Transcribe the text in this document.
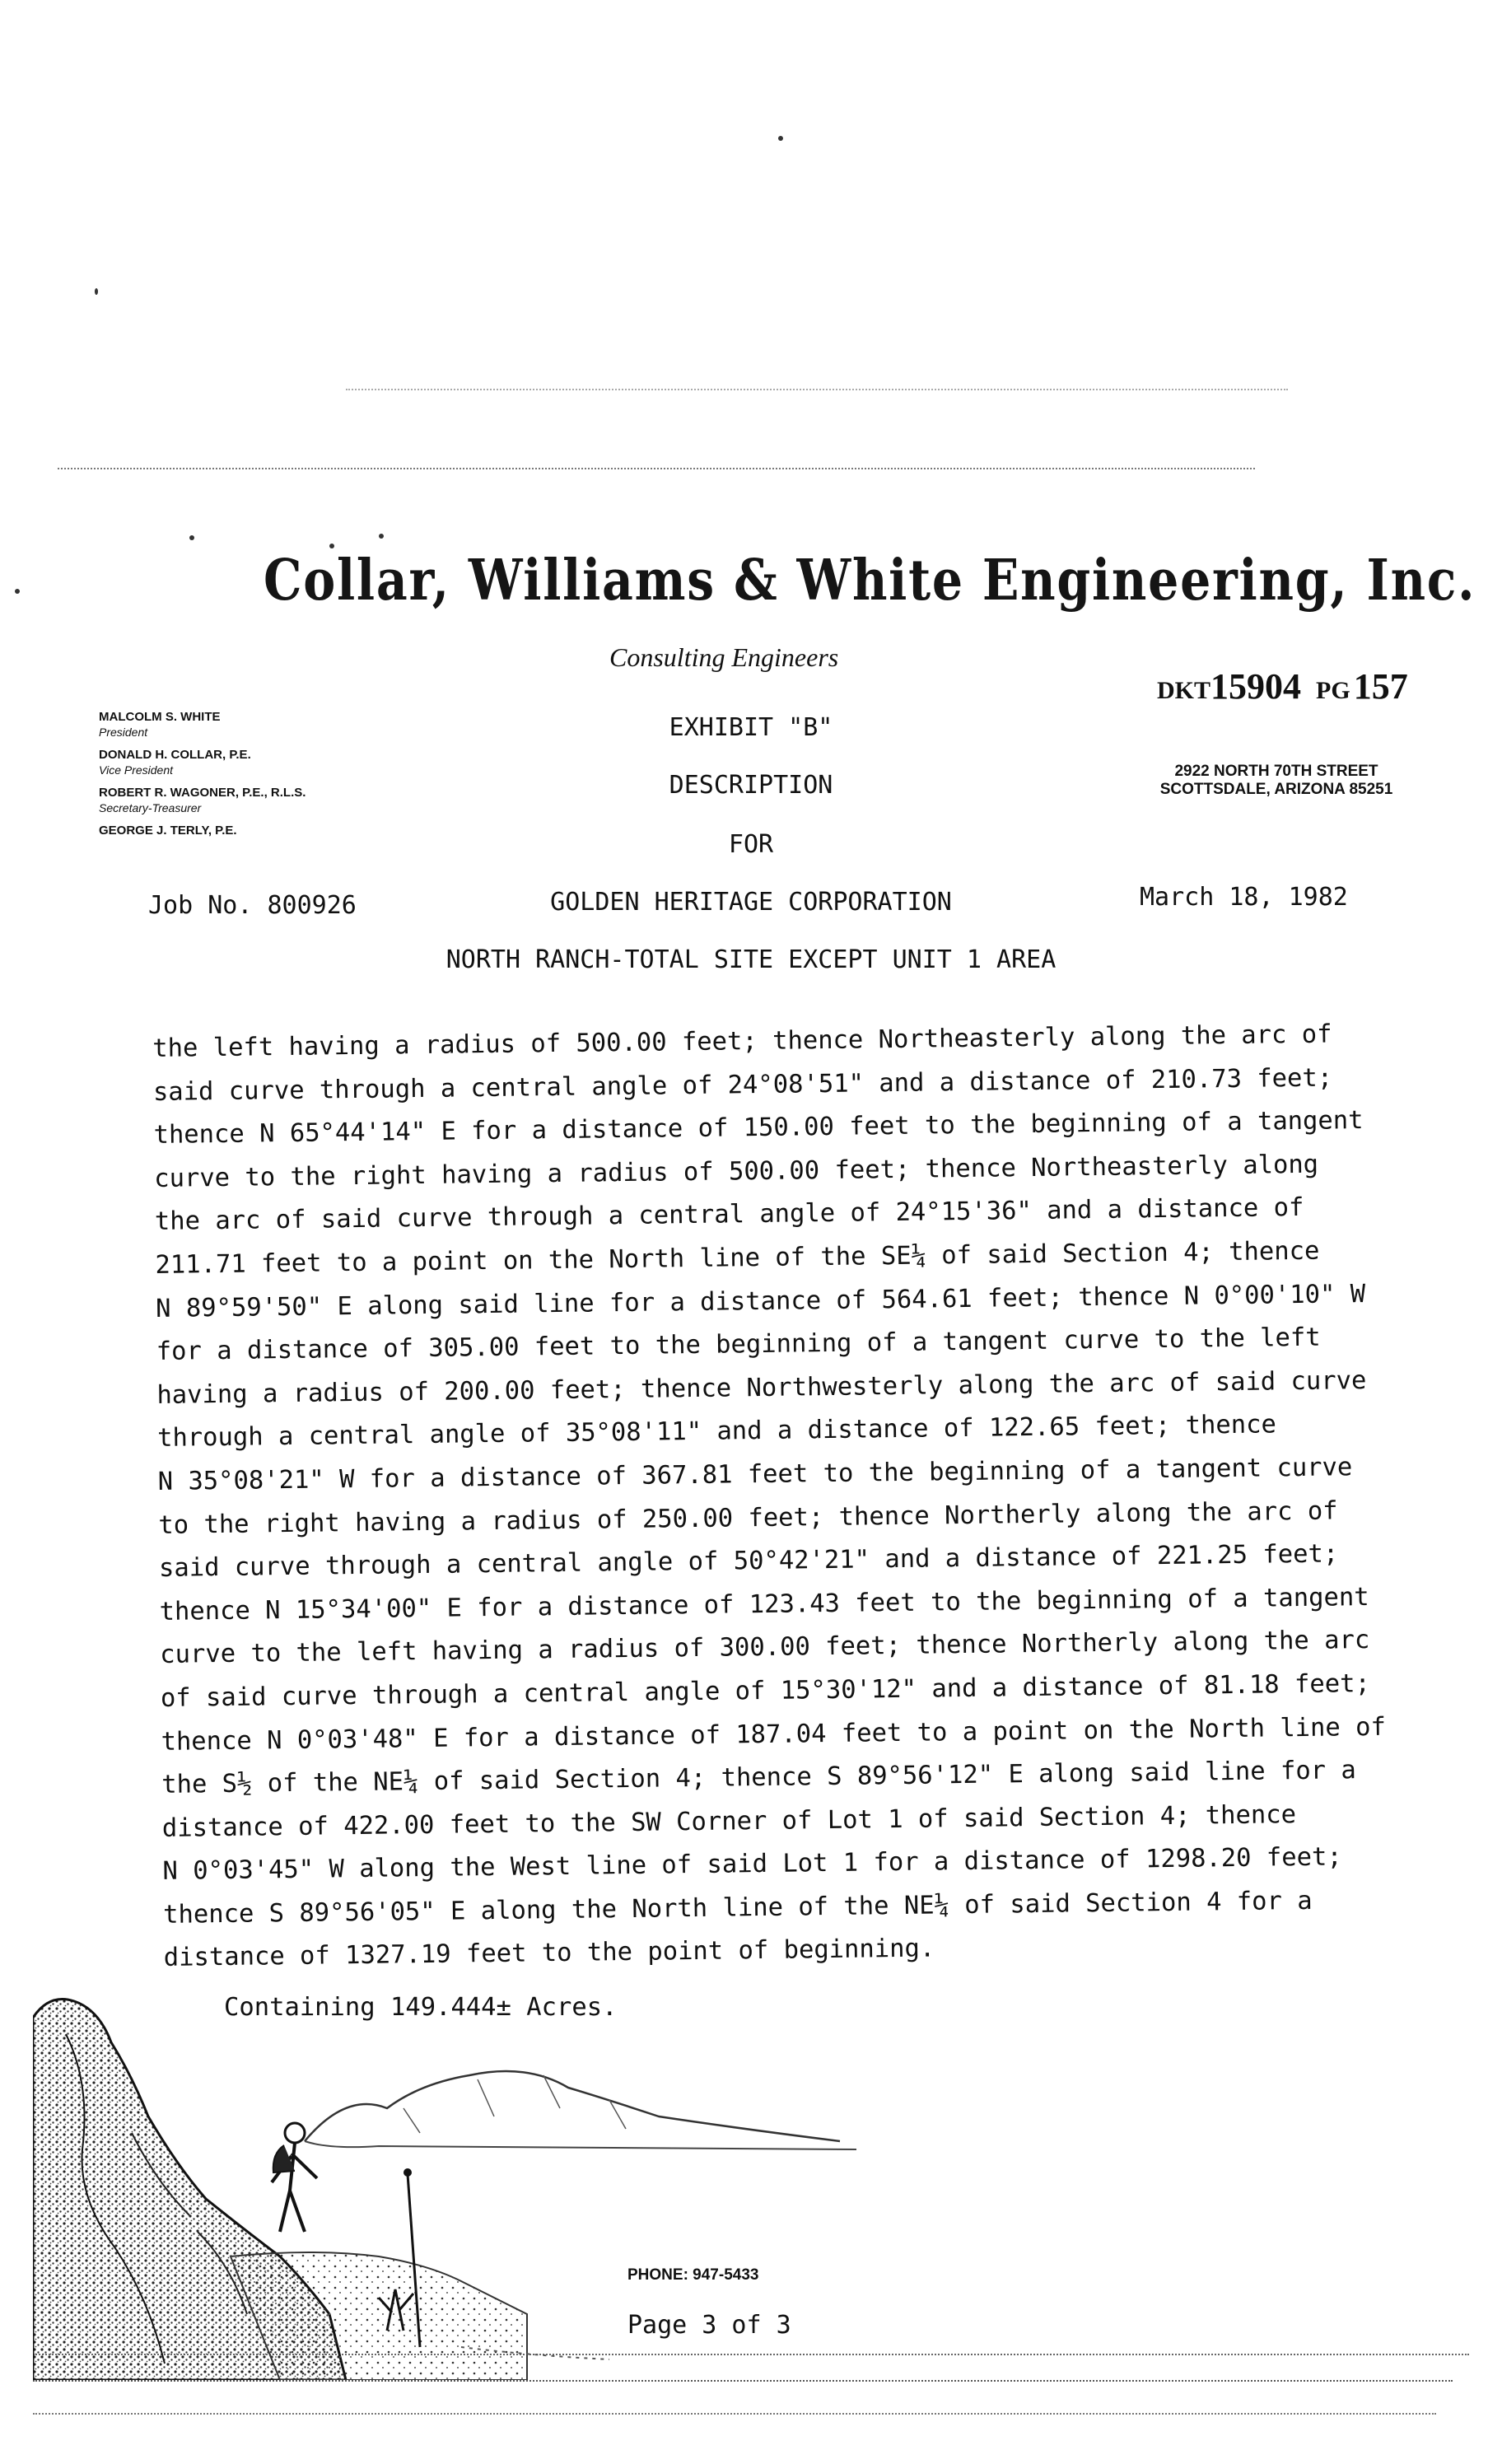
Collar, Williams & White Engineering, Inc.
Consulting Engineers
DKT15904 PG 157
MALCOLM S. WHITE
President
DONALD H. COLLAR, P.E.
Vice President
ROBERT R. WAGONER, P.E., R.L.S.
Secretary-Treasurer
GEORGE J. TERLY, P.E.
2922 NORTH 70TH STREET
SCOTTSDALE, ARIZONA 85251
EXHIBIT "B"
DESCRIPTION
FOR
GOLDEN HERITAGE CORPORATION
NORTH RANCH-TOTAL SITE EXCEPT UNIT 1 AREA
Job No. 800926	March 18, 1982
the left having a radius of 500.00 feet; thence Northeasterly along the arc of
said curve through a central angle of 24°08'51" and a distance of 210.73 feet;
thence N 65°44'14" E for a distance of 150.00 feet to the beginning of a tangent
curve to the right having a radius of 500.00 feet; thence Northeasterly along
the arc of said curve through a central angle of 24°15'36" and a distance of
211.71 feet to a point on the North line of the SE¼ of said Section 4; thence
N 89°59'50" E along said line for a distance of 564.61 feet; thence N 0°00'10" W
for a distance of 305.00 feet to the beginning of a tangent curve to the left
having a radius of 200.00 feet; thence Northwesterly along the arc of said curve
through a central angle of 35°08'11" and a distance of 122.65 feet; thence
N 35°08'21" W for a distance of 367.81 feet to the beginning of a tangent curve
to the right having a radius of 250.00 feet; thence Northerly along the arc of
said curve through a central angle of 50°42'21" and a distance of 221.25 feet;
thence N 15°34'00" E for a distance of 123.43 feet to the beginning of a tangent
curve to the left having a radius of 300.00 feet; thence Northerly along the arc
of said curve through a central angle of 15°30'12" and a distance of 81.18 feet;
thence N 0°03'48" E for a distance of 187.04 feet to a point on the North line of
the S½ of the NE¼ of said Section 4; thence S 89°56'12" E along said line for a
distance of 422.00 feet to the SW Corner of Lot 1 of said Section 4; thence
N 0°03'45" W along the West line of said Lot 1 for a distance of 1298.20 feet;
thence S 89°56'05" E along the North line of the NE¼ of said Section 4 for a
distance of 1327.19 feet to the point of beginning.
Containing 149.444± Acres.
PHONE: 947-5433
Page 3 of 3
